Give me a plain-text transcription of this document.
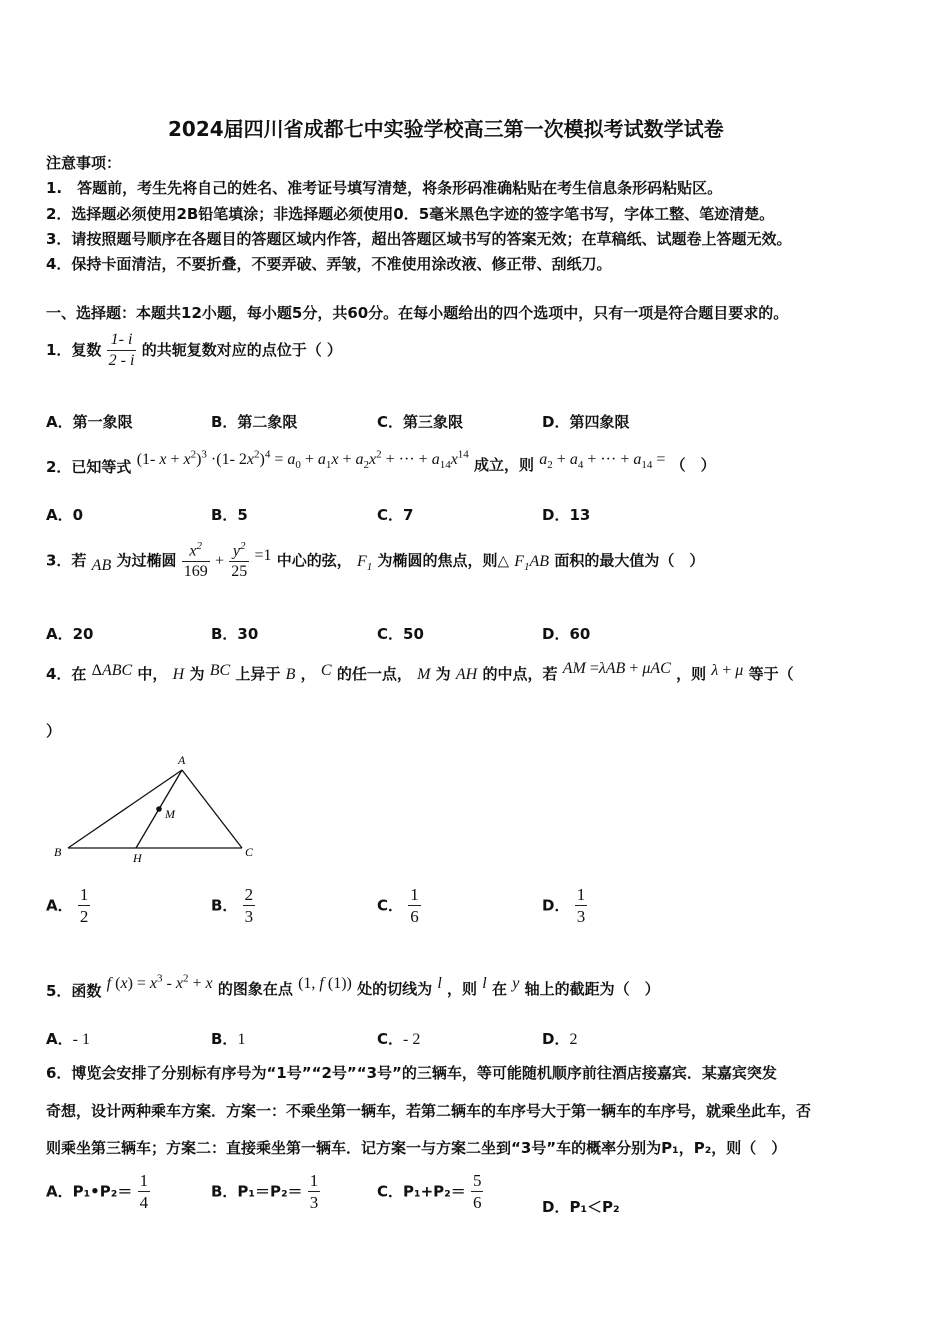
2024届四川省成都七中实验学校高三第一次模拟考试数学试卷
注意事项：
1.　答题前，考生先将自己的姓名、准考证号填写清楚，将条形码准确粘贴在考生信息条形码粘贴区。
2．选择题必须使用2B铅笔填涂；非选择题必须使用0．5毫米黑色字迹的签字笔书写，字体工整、笔迹清楚。
3．请按照题号顺序在各题目的答题区域内作答，超出答题区域书写的答案无效；在草稿纸、试题卷上答题无效。
4．保持卡面清洁，不要折叠，不要弄破、弄皱，不准使用涂改液、修正带、刮纸刀。
一、选择题：本题共12小题，每小题5分，共60分。在每小题给出的四个选项中，只有一项是符合题目要求的。
1．复数 $\frac{1- i}{2 - i}$ 的共轭复数对应的点位于（ ）
A．第一象限	B．第二象限	C．第三象限	D．第四象限
2．已知等式 (1- $x + x^2)^3 \cdot(1-$ $2x^2)^4 = a_0 + a_1x + a_2x^2$ + ··· + $a_{14}x^{14}$ 成立，则 $a_2 + a_4$ + ··· + $a_{14}$ = （　）
A．0	B．5	C．7	D．13
3．若 AB 为过椭圆 $\frac{x^2}{169} + \frac{y^2}{25} =1$ 中心的弦， $F_1$ 为椭圆的焦点，则△ $F_1AB$ 面积的最大值为（　）
A．20	B．30	C．50	D．60
4．在 ΔABC 中， H 为 BC 上异于 B ， C 的任一点， M 为 AH 的中点，若 AM =λAB + μAC ，则 λ + μ 等于（
）
A
B	C
H
M
A． $\frac{1}{2}$	B． $\frac{2}{3}$	C． $\frac{1}{6}$	D． $\frac{1}{3}$
5．函数 f $(x) = x^3 - x^2 + x$ 的图象在点 (1, f (1)) 处的切线为 l ，则 l 在 y 轴上的截距为（　）
A．- 1	B．1	C．- 2	D．2
6．博览会安排了分别标有序号为“1号”“2号”“3号”的三辆车，等可能随机顺序前往酒店接嘉宾．某嘉宾突发
奇想，设计两种乘车方案．方案一：不乘坐第一辆车，若第二辆车的车序号大于第一辆车的车序号，就乘坐此车，否
则乘坐第三辆车；方案二：直接乘坐第一辆车．记方案一与方案二坐到“3号”车的概率分别为P₁，P₂，则（　）
A．P₁•P₂＝ $\frac{1}{4}$	B．$P_1=P_2= \frac{1}{3}$	C．$P_1+P_2= \frac{5}{6}$	D．P₁＜P₂
